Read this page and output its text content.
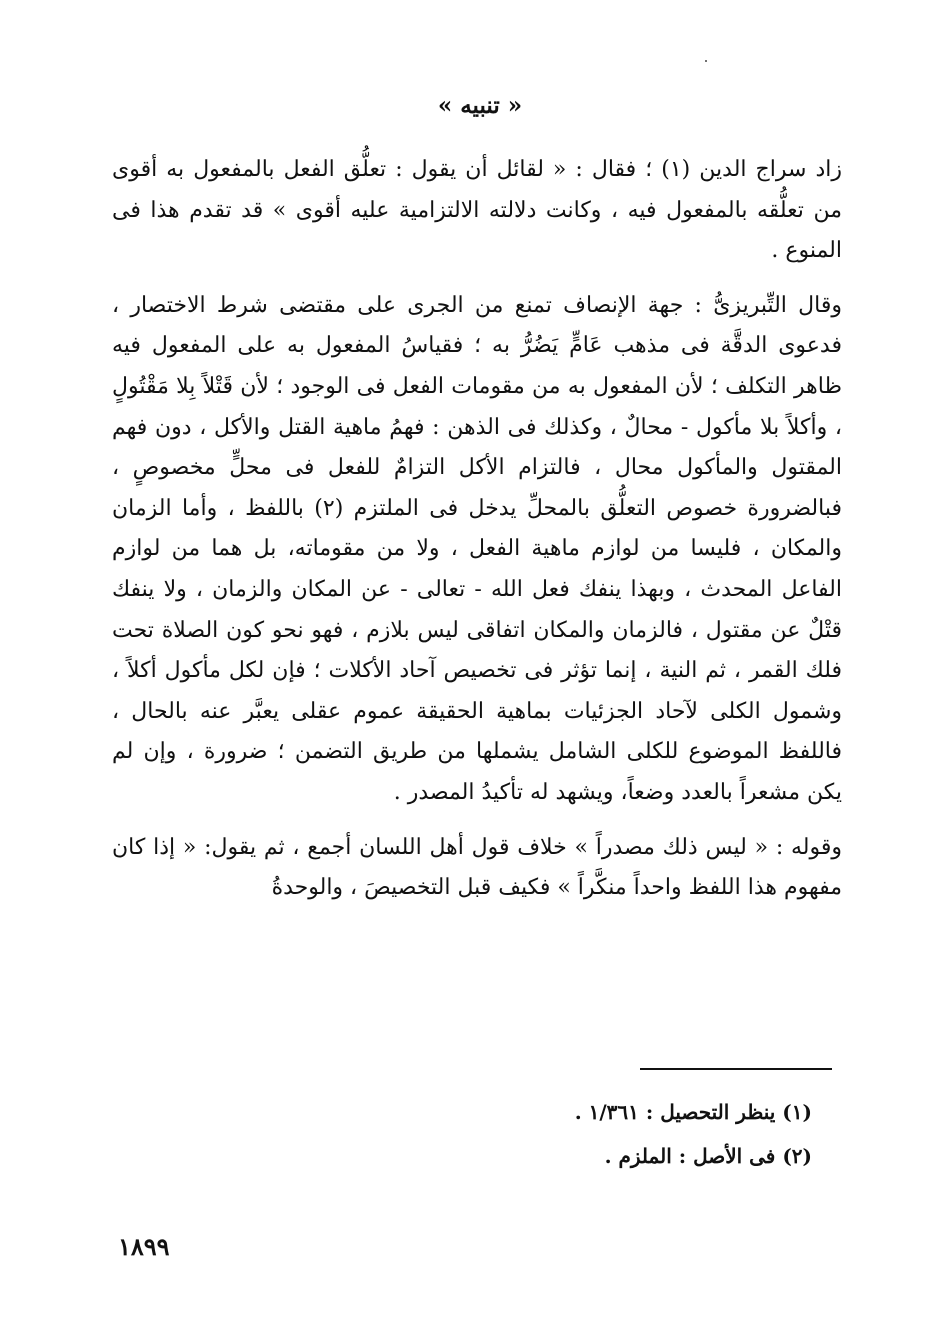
« تنبيه »

زاد سراج الدين (١) ؛ فقال : « لقائل أن يقول : تعلُّق الفعل بالمفعول به أقوى من تعلُّقه بالمفعول فيه ، وكانت دلالته الالتزامية عليه أقوى » قد تقدم هذا فى المنوع .

وقال التِّبريزىُّ : جهة الإنصاف تمنع من الجرى على مقتضى شرط الاختصار ، فدعوى الدقَّة فى مذهب عَامٍّ يَضُرُّ به ؛ فقياسُ المفعول به على المفعول فيه ظاهر التكلف ؛ لأن المفعول به من مقومات الفعل فى الوجود ؛ لأن قَتْلاً بِلا مَقْتُولٍ ، وأكلاً بلا مأكول - محالٌ ، وكذلك فى الذهن : فهمُ ماهية القتل والأكل ، دون فهم المقتول والمأكول محال ، فالتزام الأكل التزامٌ للفعل فى محلٍّ مخصوصٍ ، فبالضرورة خصوص التعلُّق بالمحلِّ يدخل فى الملتزم (٢) باللفظ ، وأما الزمان والمكان ، فليسا من لوازم ماهية الفعل ، ولا من مقوماته، بل هما من لوازم الفاعل المحدث ، وبهذا ينفك فعل الله - تعالى - عن المكان والزمان ، ولا ينفك قتْلٌ عن مقتول ، فالزمان والمكان اتفاقى ليس بلازم ، فهو نحو كون الصلاة تحت فلك القمر ، ثم النية ، إنما تؤثر فى تخصيص آحاد الأكلات ؛ فإن لكل مأكول أكلاً ، وشمول الكلى لآحاد الجزئيات بماهية الحقيقة عموم عقلى يعبَّر عنه بالحال ، فاللفظ الموضوع للكلى الشامل يشملها من طريق التضمن ؛ ضرورة ، وإن لم يكن مشعراً بالعدد وضعاً، ويشهد له تأكيدُ المصدر .

وقوله : « ليس ذلك مصدراً » خلاف قول أهل اللسان أجمع ، ثم يقول: « إذا كان مفهوم هذا اللفظ واحداً منكَّراً » فكيف قبل التخصيصَ ، والوحدةُ

(١) ينظر التحصيل : ١/٣٦١ .
(٢) فى الأصل : الملزم .
١٨٩٩
